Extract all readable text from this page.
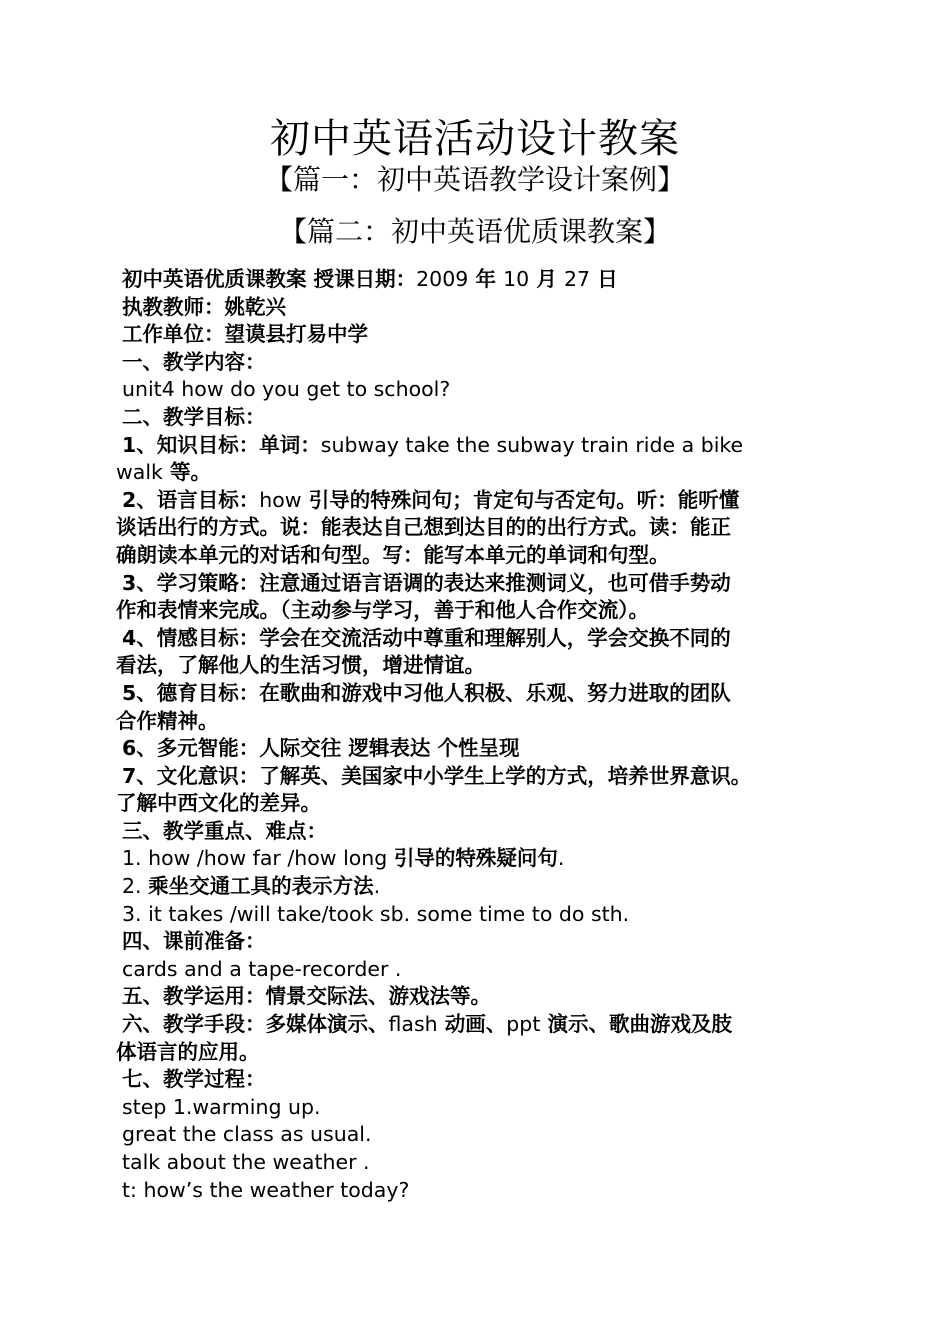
初中英语活动设计教案
【篇一：初中英语教学设计案例】
【篇二：初中英语优质课教案】
初中英语优质课教案 授课日期：2009 年 10 月 27 日
执教教师：姚乾兴
工作单位：望谟县打易中学
一、教学内容：
unit4 how do you get to school?
二、教学目标：
1、知识目标：单词：subway take the subway train ride a bike
walk 等。
2、语言目标：how 引导的特殊问句；肯定句与否定句。听：能听懂
谈话出行的方式。说：能表达自己想到达目的的出行方式。读：能正
确朗读本单元的对话和句型。写：能写本单元的单词和句型。
3、学习策略：注意通过语言语调的表达来推测词义，也可借手势动
作和表情来完成。（主动参与学习，善于和他人合作交流）。
4、情感目标：学会在交流活动中尊重和理解别人，学会交换不同的
看法，了解他人的生活习惯，增进情谊。
5、德育目标：在歌曲和游戏中习他人积极、乐观、努力进取的团队
合作精神。
6、多元智能：人际交往 逻辑表达 个性呈现
7、文化意识：了解英、美国家中小学生上学的方式，培养世界意识。
了解中西文化的差异。
三、教学重点、难点：
1. how /how far /how long 引导的特殊疑问句.
2. 乘坐交通工具的表示方法.
3. it takes /will take/took sb. some time to do sth.
四、课前准备：
cards and a tape-recorder .
五、教学运用：情景交际法、游戏法等。
六、教学手段：多媒体演示、flash 动画、ppt 演示、歌曲游戏及肢
体语言的应用。
七、教学过程：
step 1.warming up.
great the class as usual.
talk about the weather .
t: how’s the weather today?
